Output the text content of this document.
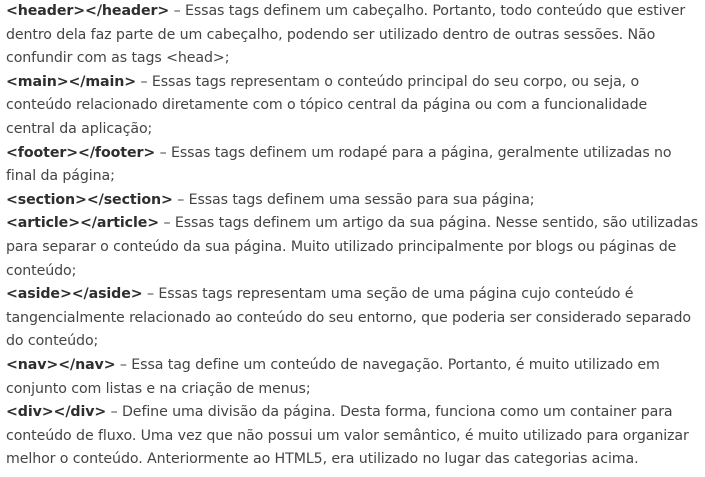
<header></header> – Essas tags definem um cabeçalho. Portanto, todo conteúdo que estiver dentro dela faz parte de um cabeçalho, podendo ser utilizado dentro de outras sessões. Não confundir com as tags <head>;

<main></main> – Essas tags representam o conteúdo principal do seu corpo, ou seja, o conteúdo relacionado diretamente com o tópico central da página ou com a funcionalidade central da aplicação;

<footer></footer> – Essas tags definem um rodapé para a página, geralmente utilizadas no final da página;

<section></section> – Essas tags definem uma sessão para sua página;

<article></article> – Essas tags definem um artigo da sua página. Nesse sentido, são utilizadas para separar o conteúdo da sua página. Muito utilizado principalmente por blogs ou páginas de conteúdo;

<aside></aside> – Essas tags representam uma seção de uma página cujo conteúdo é tangencialmente relacionado ao conteúdo do seu entorno, que poderia ser considerado separado do conteúdo;

<nav></nav> – Essa tag define um conteúdo de navegação. Portanto, é muito utilizado em conjunto com listas e na criação de menus;

<div></div> – Define uma divisão da página. Desta forma, funciona como um container para conteúdo de fluxo. Uma vez que não possui um valor semântico, é muito utilizado para organizar melhor o conteúdo. Anteriormente ao HTML5, era utilizado no lugar das categorias acima.
